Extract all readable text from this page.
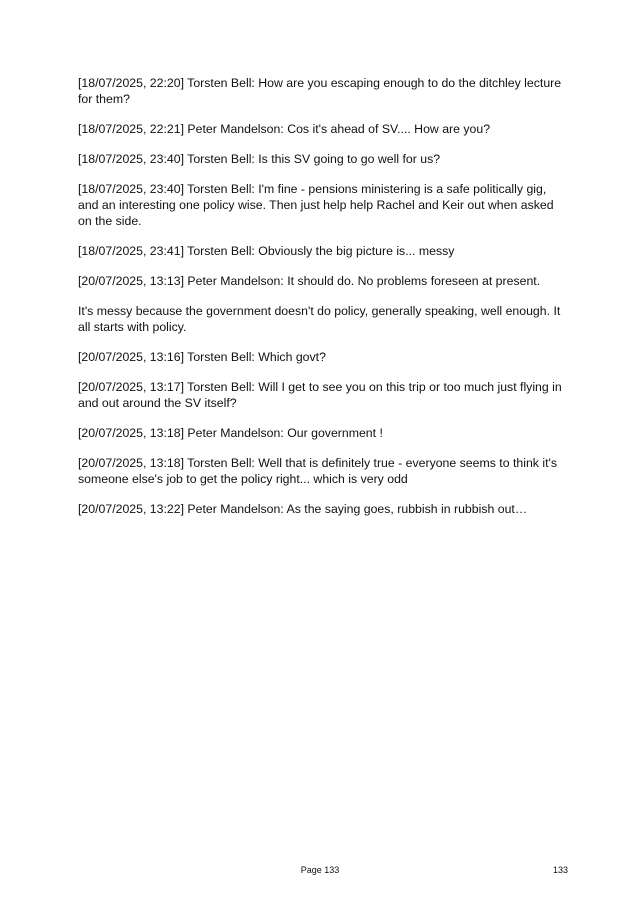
[18/07/2025, 22:20] Torsten Bell: How are you escaping enough to do the ditchley lecture for them?

[18/07/2025, 22:21] Peter Mandelson: Cos it's ahead of SV.... How are you?

[18/07/2025, 23:40] Torsten Bell: Is this SV going to go well for us?

[18/07/2025, 23:40] Torsten Bell: I'm fine - pensions ministering is a safe politically gig, and an interesting one policy wise. Then just help help Rachel and Keir out when asked on the side.

[18/07/2025, 23:41] Torsten Bell: Obviously the big picture is... messy

[20/07/2025, 13:13] Peter Mandelson: It should do. No problems foreseen at present.

It's messy because the government doesn't do policy, generally speaking, well enough. It all starts with policy.

[20/07/2025, 13:16] Torsten Bell: Which govt?

[20/07/2025, 13:17] Torsten Bell: Will I get to see you on this trip or too much just flying in and out around the SV itself?

[20/07/2025, 13:18] Peter Mandelson: Our government !

[20/07/2025, 13:18] Torsten Bell: Well that is definitely true - everyone seems to think it's someone else's job to get the policy right... which is very odd

[20/07/2025, 13:22] Peter Mandelson: As the saying goes, rubbish in rubbish out…

Page 133	133
